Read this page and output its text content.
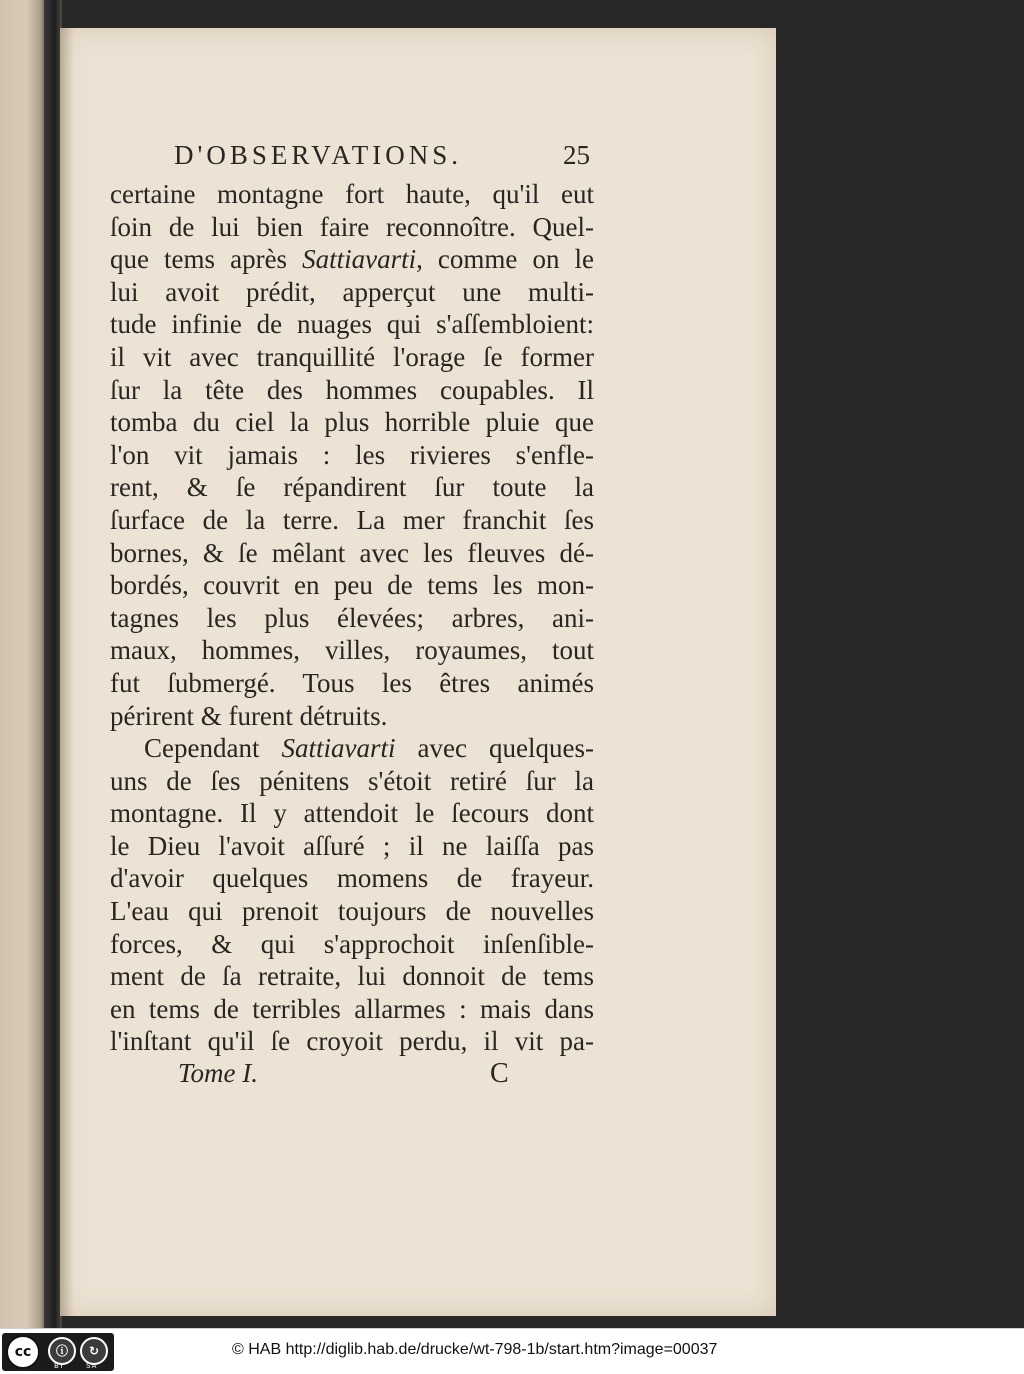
D'OBSERVATIONS.	25
certaine montagne fort haute, qu'il eut
ſoin de lui bien faire reconnoître. Quel-
que tems après Sattiavarti, comme on le
lui avoit prédit, apperçut une multi-
tude infinie de nuages qui s'aſſembloient:
il vit avec tranquillité l'orage ſe former
ſur la tête des hommes coupables. Il
tomba du ciel la plus horrible pluie que
l'on vit jamais : les rivieres s'enfle-
rent, & ſe répandirent ſur toute la
ſurface de la terre. La mer franchit ſes
bornes, & ſe mêlant avec les fleuves dé-
bordés, couvrit en peu de tems les mon-
tagnes les plus élevées; arbres, ani-
maux, hommes, villes, royaumes, tout
fut ſubmergé. Tous les êtres animés
périrent & furent détruits.
Cependant Sattiavarti avec quelques-
uns de ſes pénitens s'étoit retiré ſur la
montagne. Il y attendoit le ſecours dont
le Dieu l'avoit aſſuré ; il ne laiſſa pas
d'avoir quelques momens de frayeur.
L'eau qui prenoit toujours de nouvelles
forces, & qui s'approchoit inſenſible-
ment de ſa retraite, lui donnoit de tems
en tems de terribles allarmes : mais dans
l'inſtant qu'il ſe croyoit perdu, il vit pa-
Tome I.	C
cc	ⓘ	↻
BY	SA
© HAB http://diglib.hab.de/drucke/wt-798-1b/start.htm?image=00037
